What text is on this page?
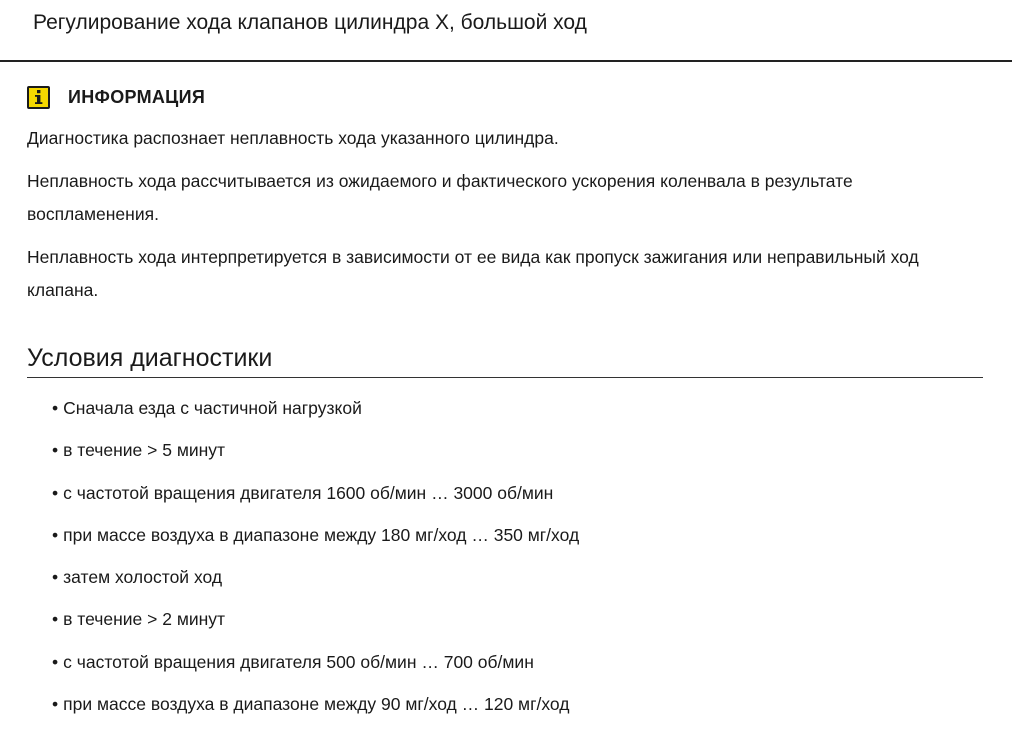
Регулирование хода клапанов цилиндра X, большой ход
ИНФОРМАЦИЯ

Диагностика распознает неплавность хода указанного цилиндра.

Неплавность хода рассчитывается из ожидаемого и фактического ускорения коленвала в результате воспламенения.

Неплавность хода интерпретируется в зависимости от ее вида как пропуск зажигания или неправильный ход клапана.

Условия диагностики
• Сначала езда с частичной нагрузкой
• в течение > 5 минут
• с частотой вращения двигателя 1600 об/мин … 3000 об/мин
• при массе воздуха в диапазоне между 180 мг/ход … 350 мг/ход
• затем холостой ход
• в течение > 2 минут
• с частотой вращения двигателя 500 об/мин … 700 об/мин
• при массе воздуха в диапазоне между 90 мг/ход … 120 мг/ход
